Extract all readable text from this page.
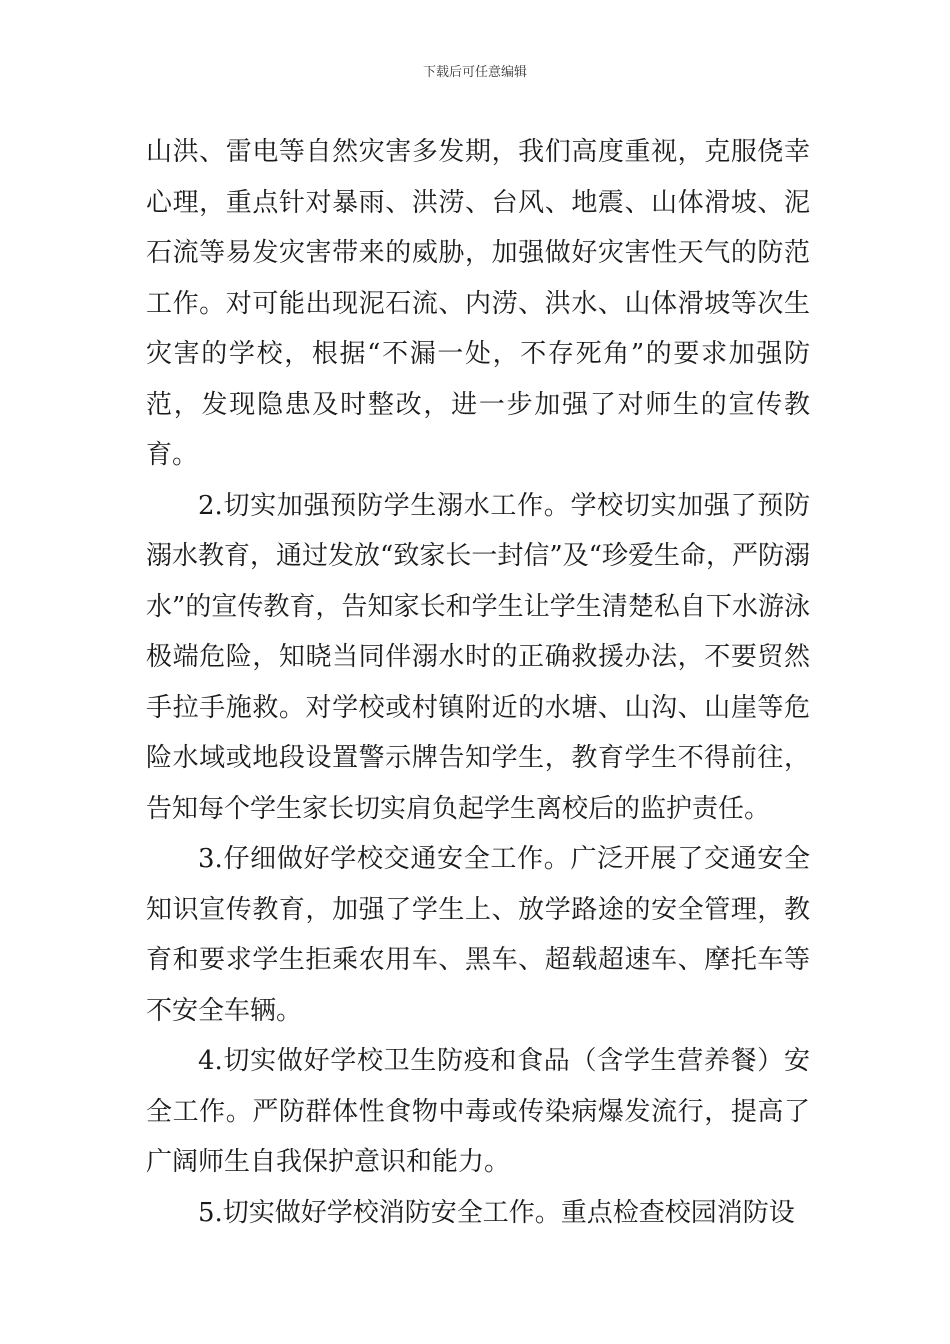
下载后可任意编辑

山洪、雷电等自然灾害多发期，我们高度重视，克服侥幸心理，重点针对暴雨、洪涝、台风、地震、山体滑坡、泥石流等易发灾害带来的威胁，加强做好灾害性天气的防范工作。对可能出现泥石流、内涝、洪水、山体滑坡等次生灾害的学校，根据“不漏一处，不存死角”的要求加强防范，发现隐患及时整改，进一步加强了对师生的宣传教育。

2.切实加强预防学生溺水工作。学校切实加强了预防溺水教育，通过发放“致家长一封信”及“珍爱生命，严防溺水”的宣传教育，告知家长和学生让学生清楚私自下水游泳极端危险，知晓当同伴溺水时的正确救援办法，不要贸然手拉手施救。对学校或村镇附近的水塘、山沟、山崖等危险水域或地段设置警示牌告知学生，教育学生不得前往，告知每个学生家长切实肩负起学生离校后的监护责任。

3.仔细做好学校交通安全工作。广泛开展了交通安全知识宣传教育，加强了学生上、放学路途的安全管理，教育和要求学生拒乘农用车、黑车、超载超速车、摩托车等不安全车辆。

4.切实做好学校卫生防疫和食品（含学生营养餐）安全工作。严防群体性食物中毒或传染病爆发流行，提高了广阔师生自我保护意识和能力。

5.切实做好学校消防安全工作。重点检查校园消防设
